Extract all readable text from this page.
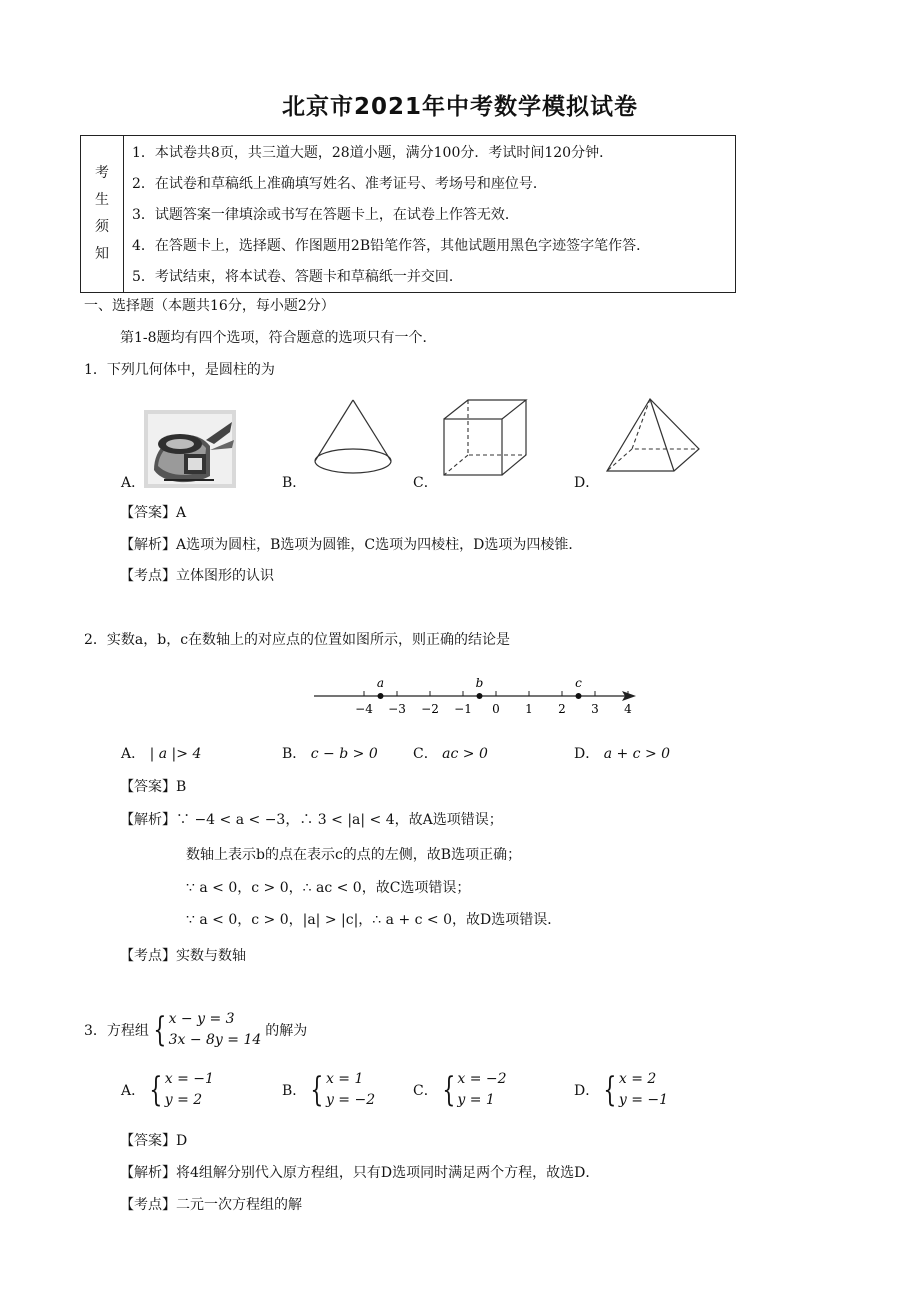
北京市2021年中考数学模拟试卷
考
生
须
知
1．本试卷共8页，共三道大题，28道小题，满分100分．考试时间120分钟．
2．在试卷和草稿纸上准确填写姓名、准考证号、考场号和座位号．
3．试题答案一律填涂或书写在答题卡上，在试卷上作答无效．
4．在答题卡上，选择题、作图题用2B铅笔作答，其他试题用黑色字迹签字笔作答．
5．考试结束，将本试卷、答题卡和草稿纸一并交回．
一、选择题（本题共16分，每小题2分）
第1-8题均有四个选项，符合题意的选项只有一个．
1．下列几何体中，是圆柱的为
A．	B．	C．	D．
【答案】A
【解析】A选项为圆柱，B选项为圆锥，C选项为四棱柱，D选项为四棱锥．
【考点】立体图形的认识
2．实数a，b，c在数轴上的对应点的位置如图所示，则正确的结论是
−4 −3 −2 −1 0 1 2 3 4
a	b	c
A． | a |> 4	B． c − b > 0	C． ac > 0	D． a + c > 0
【答案】B
【解析】∵ −4 < a < −3，∴ 3 < |a| < 4，故A选项错误；
数轴上表示b的点在表示c的点的左侧，故B选项正确；
∵ a < 0，c > 0，∴ ac < 0，故C选项错误；
∵ a < 0，c > 0，|a| > |c|，∴ a + c < 0，故D选项错误．
【考点】实数与数轴
3．方程组 { x − y = 3
3x − 8y = 14
的解为
A． { x = −1
y = 2
B． { x = 1
y = −2
C． { x = −2
y = 1
D． { x = 2
y = −1
【答案】D
【解析】将4组解分别代入原方程组，只有D选项同时满足两个方程，故选D．
【考点】二元一次方程组的解
